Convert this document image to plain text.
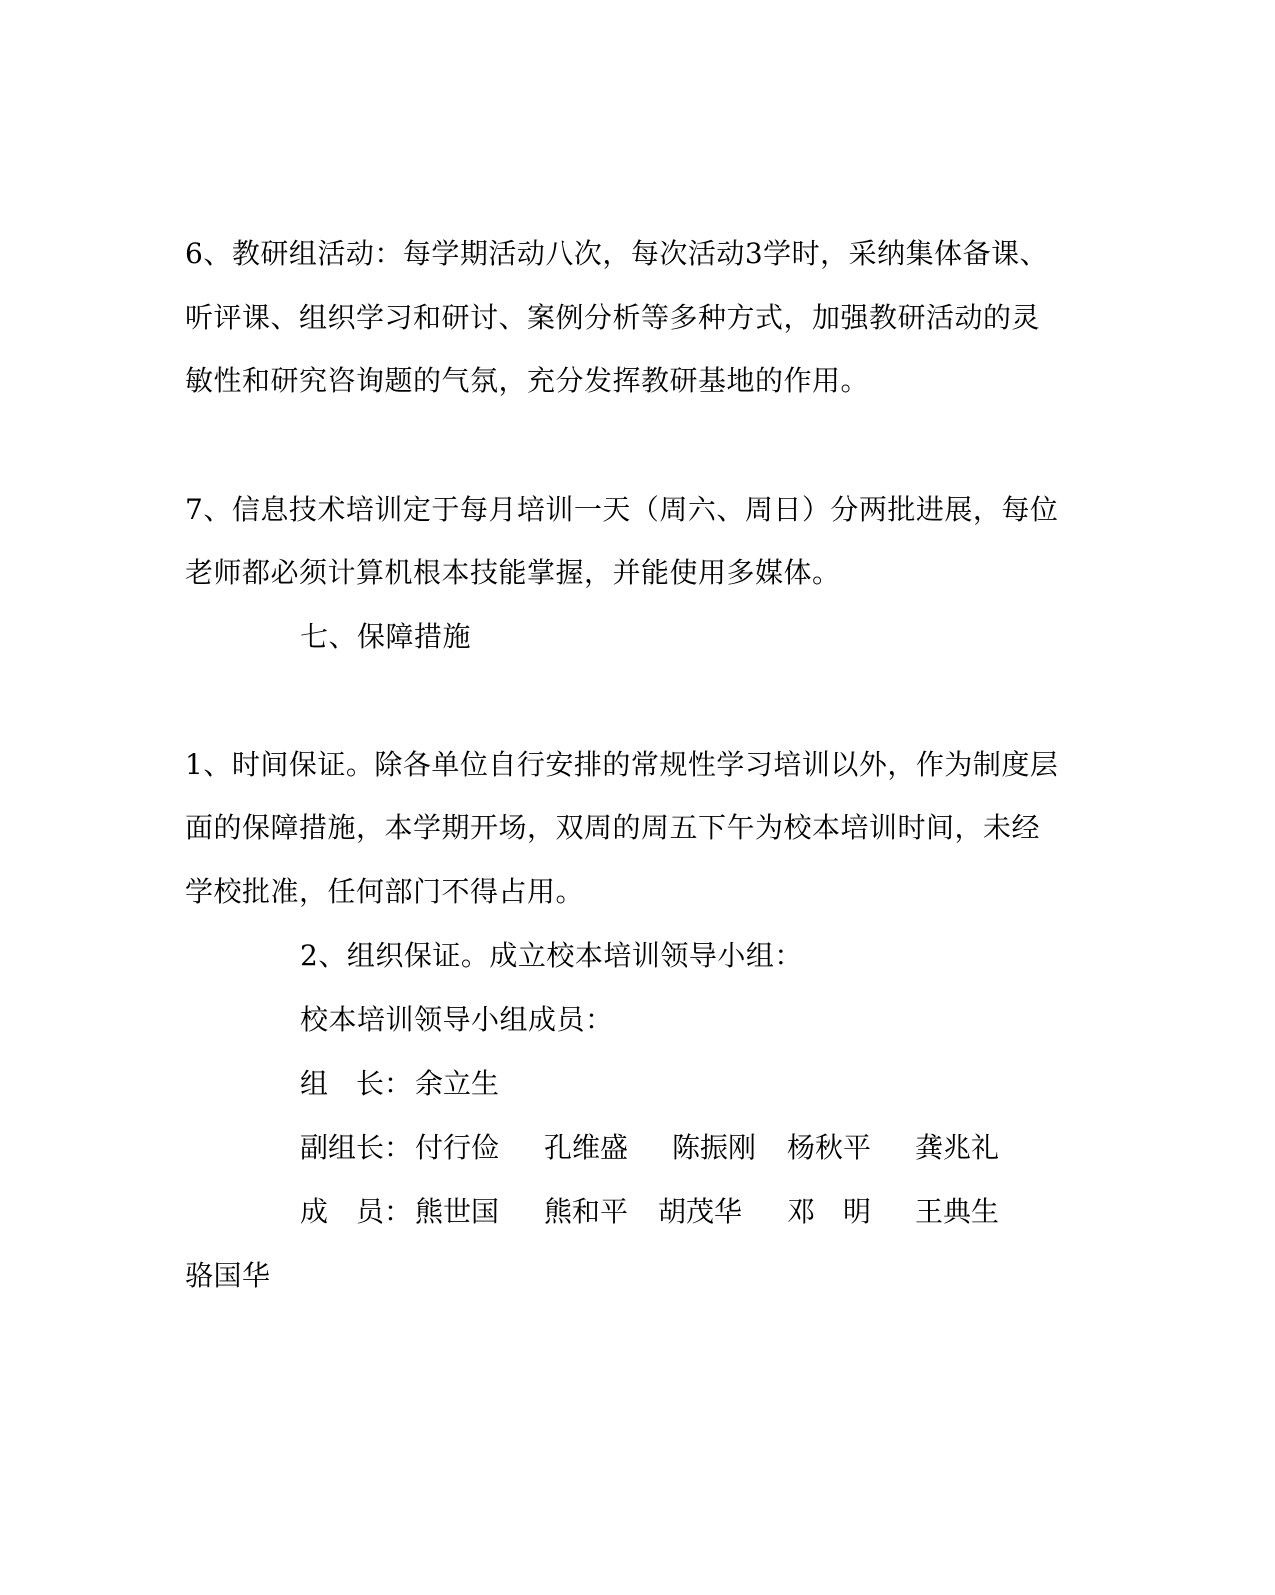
6、教研组活动：每学期活动八次，每次活动3学时，采纳集体备课、
听评课、组织学习和研讨、案例分析等多种方式，加强教研活动的灵
敏性和研究咨询题的气氛，充分发挥教研基地的作用。
7、信息技术培训定于每月培训一天（周六、周日）分两批进展，每位
老师都必须计算机根本技能掌握，并能使用多媒体。
七、保障措施
1、时间保证。除各单位自行安排的常规性学习培训以外，作为制度层
面的保障措施，本学期开场，双周的周五下午为校本培训时间，未经
学校批准，任何部门不得占用。
2、组织保证。成立校本培训领导小组：
校本培训领导小组成员：
组　长： 余立生
副组长： 付行俭 孔维盛 陈振刚 杨秋平 龚兆礼
成　员： 熊世国 熊和平 胡茂华 邓　明 王典生
骆国华
